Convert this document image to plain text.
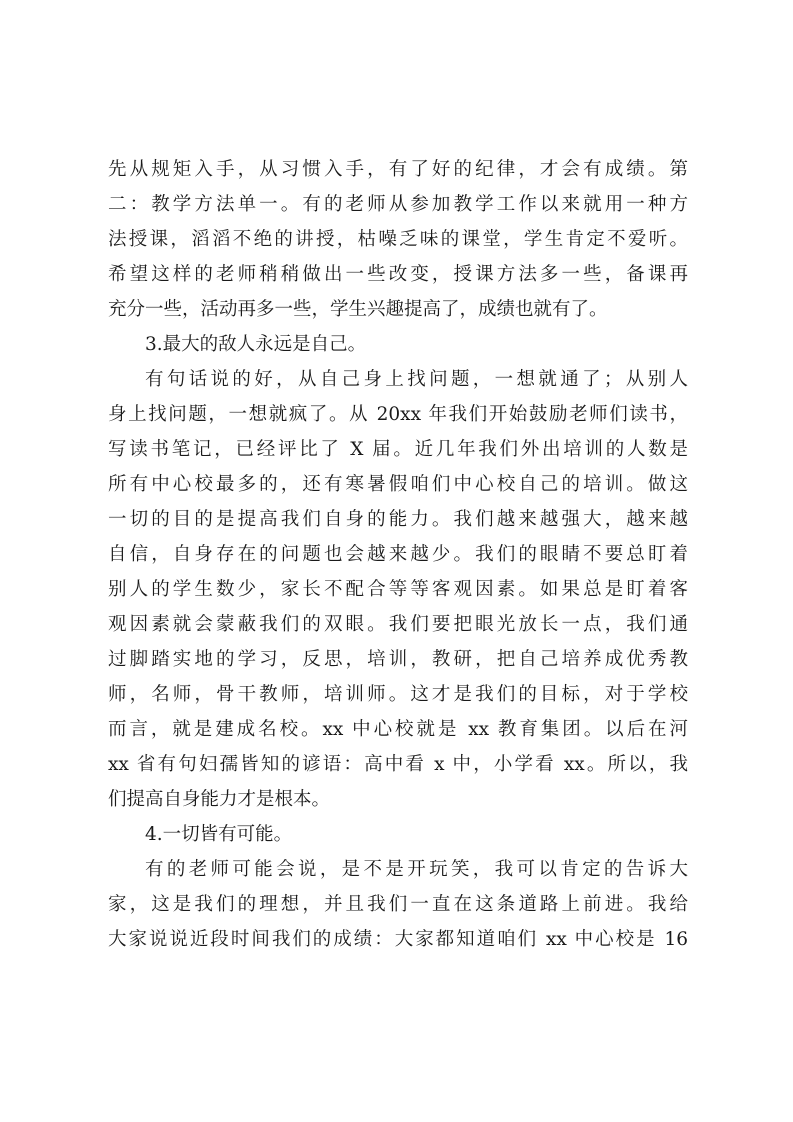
先从规矩入手，从习惯入手，有了好的纪律，才会有成绩。第
二：教学方法单一。有的老师从参加教学工作以来就用一种方
法授课，滔滔不绝的讲授，枯噪乏味的课堂，学生肯定不爱听。
希望这样的老师稍稍做出一些改变，授课方法多一些，备课再
充分一些，活动再多一些，学生兴趣提高了，成绩也就有了。
3.最大的敌人永远是自己。
有句话说的好，从自己身上找问题，一想就通了；从别人
身上找问题，一想就疯了。从 20xx 年我们开始鼓励老师们读书，
写读书笔记，已经评比了 X 届。近几年我们外出培训的人数是
所有中心校最多的，还有寒暑假咱们中心校自己的培训。做这
一切的目的是提高我们自身的能力。我们越来越强大，越来越
自信，自身存在的问题也会越来越少。我们的眼睛不要总盯着
别人的学生数少，家长不配合等等客观因素。如果总是盯着客
观因素就会蒙蔽我们的双眼。我们要把眼光放长一点，我们通
过脚踏实地的学习，反思，培训，教研，把自己培养成优秀教
师，名师，骨干教师，培训师。这才是我们的目标，对于学校
而言，就是建成名校。xx 中心校就是 xx 教育集团。以后在河
xx 省有句妇孺皆知的谚语：高中看 x 中，小学看 xx。所以，我
们提高自身能力才是根本。
4.一切皆有可能。
有的老师可能会说，是不是开玩笑，我可以肯定的告诉大
家，这是我们的理想，并且我们一直在这条道路上前进。我给
大家说说近段时间我们的成绩：大家都知道咱们 xx 中心校是 16
